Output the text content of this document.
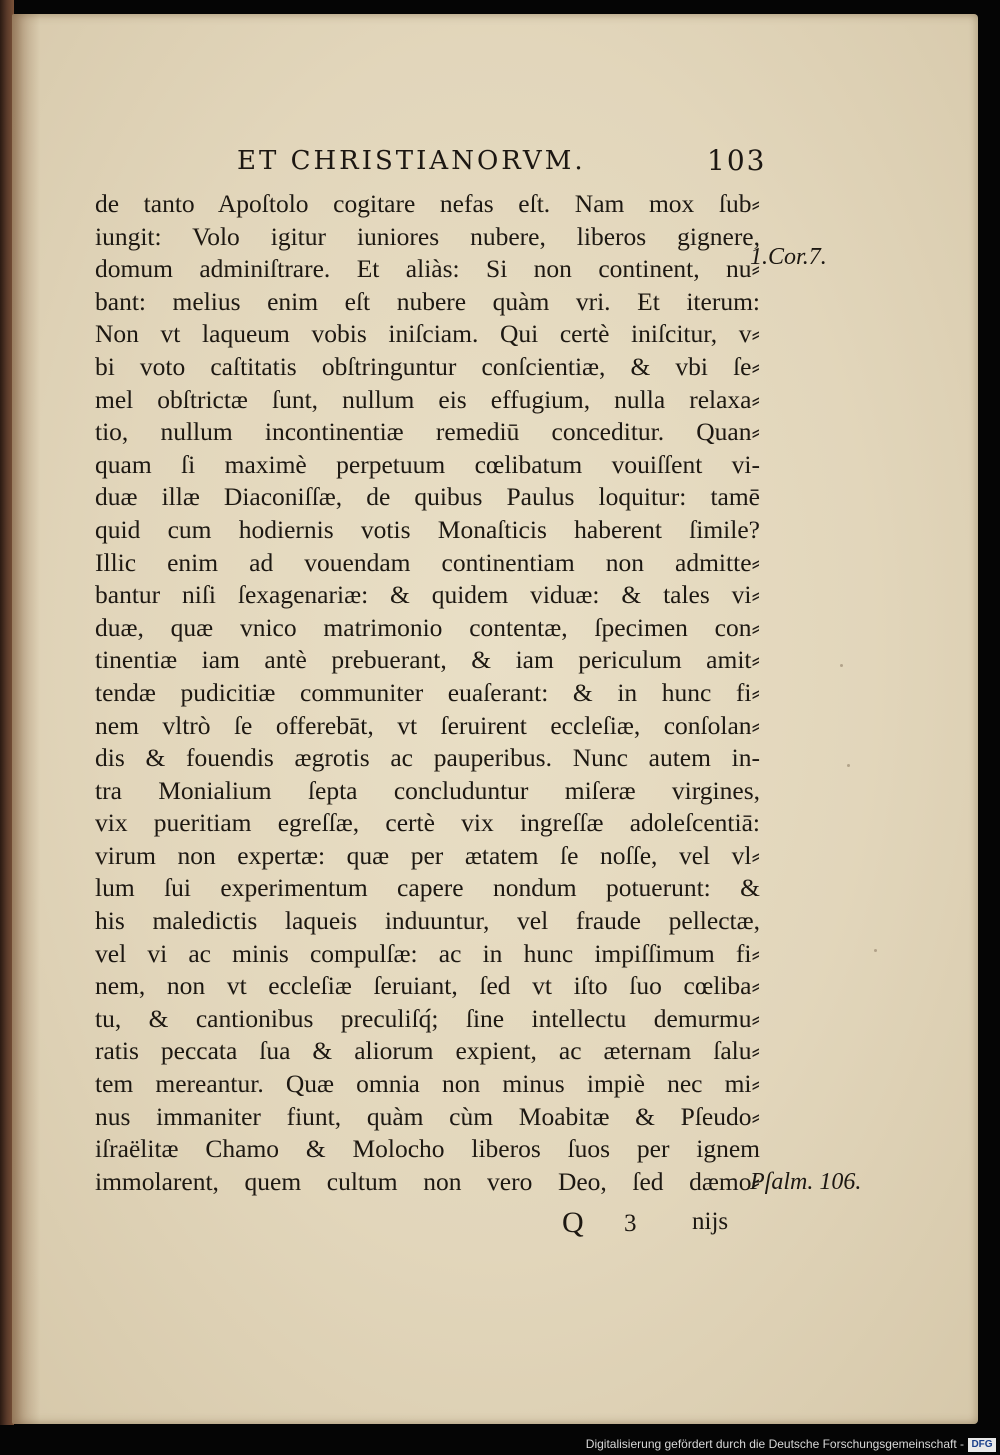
ET CHRISTIANORVM.	103
de tanto Apoſtolo cogitare nefas eſt. Nam mox ſub⸗
iungit: Volo igitur iuniores nubere, liberos gignere,
domum adminiſtrare. Et aliàs: Si non continent, nu⸗
bant: melius enim eſt nubere quàm vri. Et iterum:
Non vt laqueum vobis iniſciam. Qui certè iniſcitur, v⸗
bi voto caſtitatis obſtringuntur conſcientiæ, & vbi ſe⸗
mel obſtrictæ ſunt, nullum eis effugium, nulla relaxa⸗
tio, nullum incontinentiæ remediū conceditur. Quan⸗
quam ſi maximè perpetuum cœlibatum vouiſſent vi-
duæ illæ Diaconiſſæ, de quibus Paulus loquitur: tamē
quid cum hodiernis votis Monaſticis haberent ſimile?
Illic enim ad vouendam continentiam non admitte⸗
bantur niſi ſexagenariæ: & quidem viduæ: & tales vi⸗
duæ, quæ vnico matrimonio contentæ, ſpecimen con⸗
tinentiæ iam antè prebuerant, & iam periculum amit⸗
tendæ pudicitiæ communiter euaſerant: & in hunc fi⸗
nem vltrò ſe offerebāt, vt ſeruirent eccleſiæ, conſolan⸗
dis & fouendis ægrotis ac pauperibus. Nunc autem in-
tra Monialium ſepta concluduntur miſeræ virgines,
vix pueritiam egreſſæ, certè vix ingreſſæ adoleſcentiā:
virum non expertæ: quæ per ætatem ſe noſſe, vel vl⸗
lum ſui experimentum capere nondum potuerunt: &
his maledictis laqueis induuntur, vel fraude pellectæ,
vel vi ac minis compulſæ: ac in hunc impiſſimum fi⸗
nem, non vt eccleſiæ ſeruiant, ſed vt iſto ſuo cœliba⸗
tu, & cantionibus preculiſq́; ſine intellectu demurmu⸗
ratis peccata ſua & aliorum expient, ac æternam ſalu⸗
tem mereantur. Quæ omnia non minus impiè nec mi⸗
nus immaniter fiunt, quàm cùm Moabitæ & Pſeudo⸗
iſraëlitæ Chamo & Molocho liberos ſuos per ignem
immolarent, quem cultum non vero Deo, ſed dæmo⸗
1.Cor.7.
Pſalm. 106.
Q 3 nijs
Digitalisierung gefördert durch die Deutsche Forschungsgemeinschaft - DFG
